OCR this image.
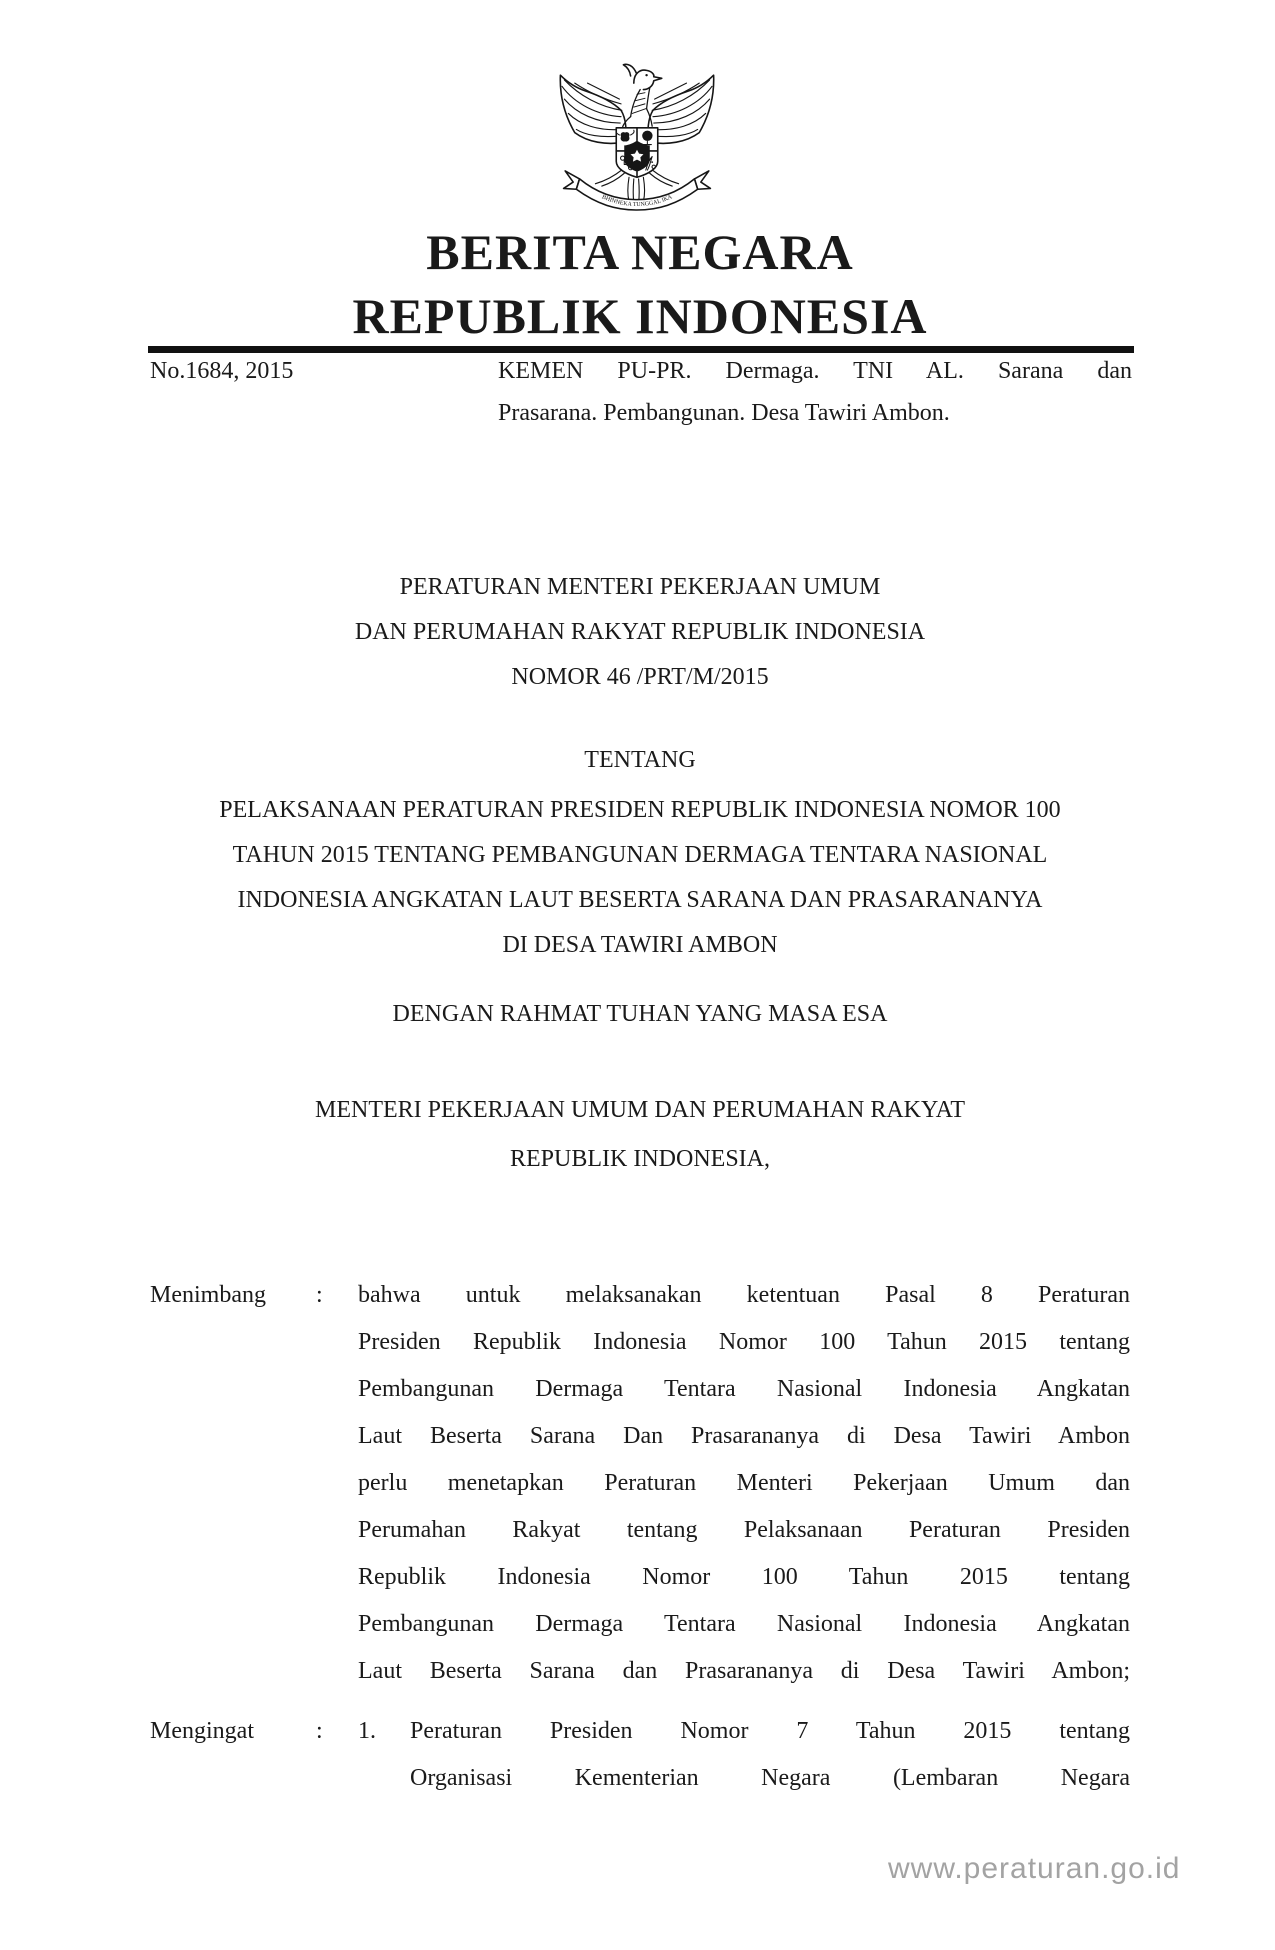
BHINNEKA TUNGGAL IKA
BERITA NEGARA
REPUBLIK INDONESIA
No.1684, 2015	KEMEN PU-PR. Dermaga. TNI AL. Sarana dan
Prasarana. Pembangunan. Desa Tawiri Ambon.
PERATURAN MENTERI PEKERJAAN UMUM
DAN PERUMAHAN RAKYAT REPUBLIK INDONESIA
NOMOR 46 /PRT/M/2015
TENTANG
PELAKSANAAN PERATURAN PRESIDEN REPUBLIK INDONESIA NOMOR 100
TAHUN 2015 TENTANG PEMBANGUNAN DERMAGA TENTARA NASIONAL
INDONESIA ANGKATAN LAUT BESERTA SARANA DAN PRASARANANYA
DI DESA TAWIRI AMBON
DENGAN RAHMAT TUHAN YANG MASA ESA
MENTERI PEKERJAAN UMUM DAN PERUMAHAN RAKYAT
REPUBLIK INDONESIA,
Menimbang : bahwa untuk melaksanakan ketentuan Pasal 8 Peraturan
Presiden Republik Indonesia Nomor 100 Tahun 2015 tentang
Pembangunan Dermaga Tentara Nasional Indonesia Angkatan
Laut Beserta Sarana Dan Prasarananya di Desa Tawiri Ambon
perlu menetapkan Peraturan Menteri Pekerjaan Umum dan
Perumahan Rakyat tentang Pelaksanaan Peraturan Presiden
Republik Indonesia Nomor 100 Tahun 2015 tentang
Pembangunan Dermaga Tentara Nasional Indonesia Angkatan
Laut Beserta Sarana dan Prasarananya di Desa Tawiri Ambon;
Mengingat	: 1. Peraturan Presiden Nomor 7 Tahun 2015 tentang
Organisasi Kementerian Negara (Lembaran Negara
www.peraturan.go.id
